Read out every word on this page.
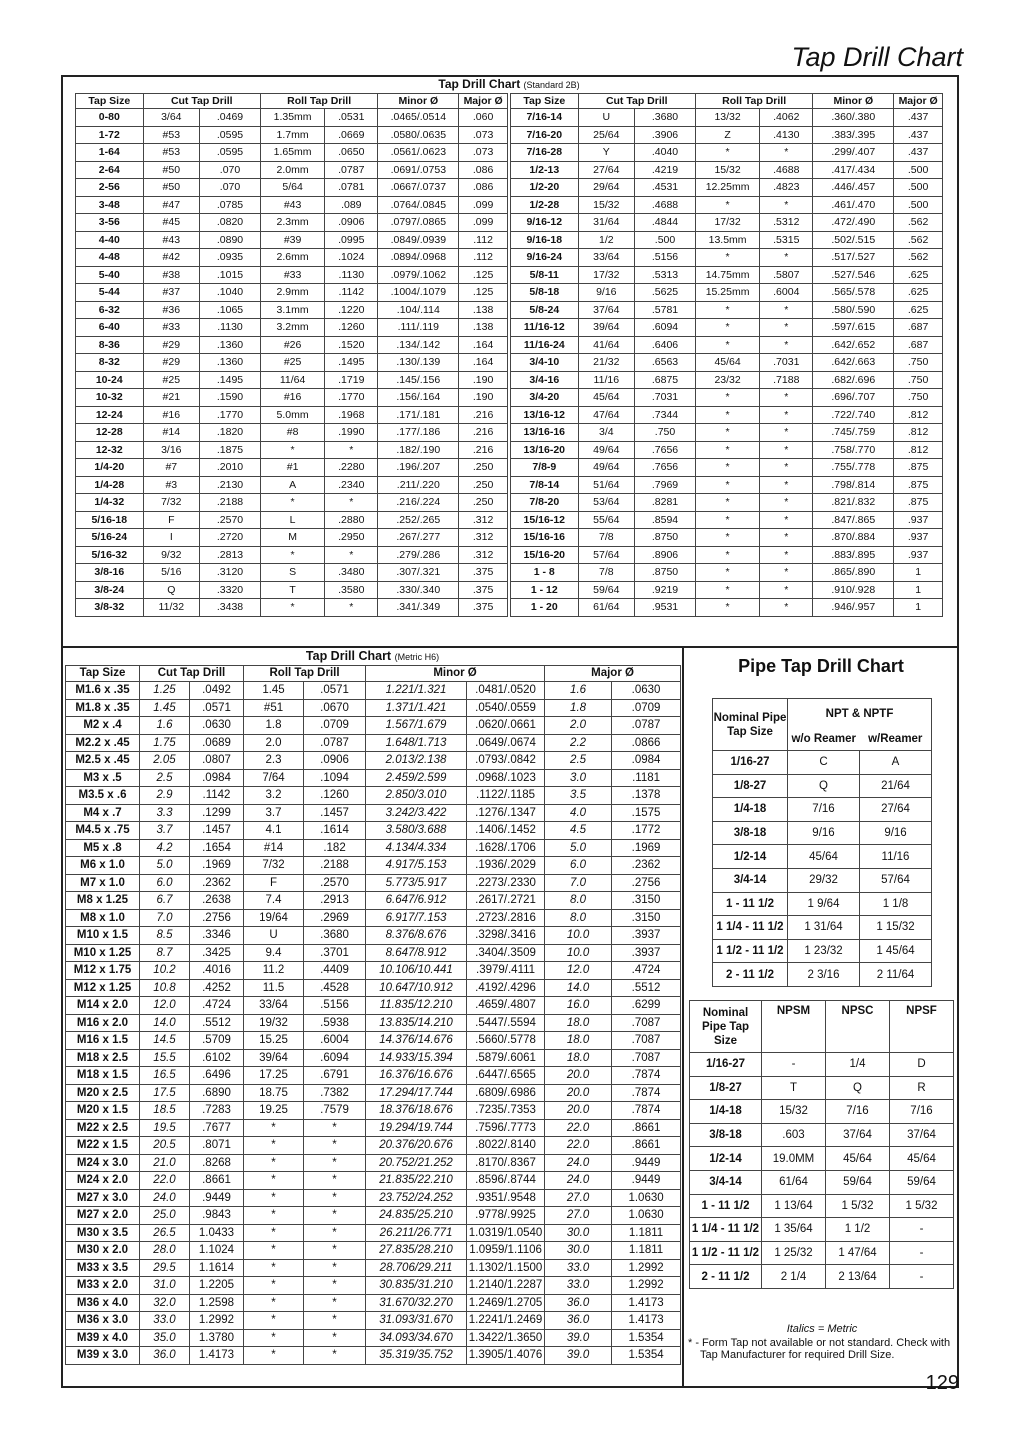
Tap Drill Chart
Tap Drill Chart (Standard 2B)
Tap Size	Cut Tap Drill		Roll Tap Drill		Minor Ø	Major Ø
0-80	3/64	.0469	1.35mm	.0531	.0465/.0514	.060
1-72	#53	.0595	1.7mm	.0669	.0580/.0635	.073
1-64	#53	.0595	1.65mm	.0650	.0561/.0623	.073
2-64	#50	.070	2.0mm	.0787	.0691/.0753	.086
2-56	#50	.070	5/64	.0781	.0667/.0737	.086
3-48	#47	.0785	#43	.089	.0764/.0845	.099
3-56	#45	.0820	2.3mm	.0906	.0797/.0865	.099
4-40	#43	.0890	#39	.0995	.0849/.0939	.112
4-48	#42	.0935	2.6mm	.1024	.0894/.0968	.112
5-40	#38	.1015	#33	.1130	.0979/.1062	.125
5-44	#37	.1040	2.9mm	.1142	.1004/.1079	.125
6-32	#36	.1065	3.1mm	.1220	.104/.114	.138
6-40	#33	.1130	3.2mm	.1260	.111/.119	.138
8-36	#29	.1360	#26	.1520	.134/.142	.164
8-32	#29	.1360	#25	.1495	.130/.139	.164
10-24	#25	.1495	11/64	.1719	.145/.156	.190
10-32	#21	.1590	#16	.1770	.156/.164	.190
12-24	#16	.1770	5.0mm	.1968	.171/.181	.216
12-28	#14	.1820	#8	.1990	.177/.186	.216
12-32	3/16	.1875	*	*	.182/.190	.216
1/4-20	#7	.2010	#1	.2280	.196/.207	.250
1/4-28	#3	.2130	A	.2340	.211/.220	.250
1/4-32	7/32	.2188	*	*	.216/.224	.250
5/16-18	F	.2570	L	.2880	.252/.265	.312
5/16-24	I	.2720	M	.2950	.267/.277	.312
5/16-32	9/32	.2813	*	*	.279/.286	.312
3/8-16	5/16	.3120	S	.3480	.307/.321	.375
3/8-24	Q	.3320	T	.3580	.330/.340	.375
3/8-32	11/32	.3438	*	*	.341/.349	.375
Tap Size	Cut Tap Drill		Roll Tap Drill		Minor Ø	Major Ø
7/16-14	U	.3680	13/32	.4062	.360/.380	.437
7/16-20	25/64	.3906	Z	.4130	.383/.395	.437
7/16-28	Y	.4040	*	*	.299/.407	.437
1/2-13	27/64	.4219	15/32	.4688	.417/.434	.500
1/2-20	29/64	.4531	12.25mm	.4823	.446/.457	.500
1/2-28	15/32	.4688	*	*	.461/.470	.500
9/16-12	31/64	.4844	17/32	.5312	.472/.490	.562
9/16-18	1/2	.500	13.5mm	.5315	.502/.515	.562
9/16-24	33/64	.5156	*	*	.517/.527	.562
5/8-11	17/32	.5313	14.75mm	.5807	.527/.546	.625
5/8-18	9/16	.5625	15.25mm	.6004	.565/.578	.625
5/8-24	37/64	.5781	*	*	.580/.590	.625
11/16-12	39/64	.6094	*	*	.597/.615	.687
11/16-24	41/64	.6406	*	*	.642/.652	.687
3/4-10	21/32	.6563	45/64	.7031	.642/.663	.750
3/4-16	11/16	.6875	23/32	.7188	.682/.696	.750
3/4-20	45/64	.7031	*	*	.696/.707	.750
13/16-12	47/64	.7344	*	*	.722/.740	.812
13/16-16	3/4	.750	*	*	.745/.759	.812
13/16-20	49/64	.7656	*	*	.758/.770	.812
7/8-9	49/64	.7656	*	*	.755/.778	.875
7/8-14	51/64	.7969	*	*	.798/.814	.875
7/8-20	53/64	.8281	*	*	.821/.832	.875
15/16-12	55/64	.8594	*	*	.847/.865	.937
15/16-16	7/8	.8750	*	*	.870/.884	.937
15/16-20	57/64	.8906	*	*	.883/.895	.937
1 - 8	7/8	.8750	*	*	.865/.890	1
1 - 12	59/64	.9219	*	*	.910/.928	1
1 - 20	61/64	.9531	*	*	.946/.957	1
Tap Drill Chart (Metric H6)
Tap Size	Cut Tap Drill		Roll Tap Drill		Minor Ø		Major Ø	
M1.6 x .35	1.25	.0492	1.45	.0571	1.221/1.321	.0481/.0520	1.6	.0630
M1.8 x .35	1.45	.0571	#51	.0670	1.371/1.421	.0540/.0559	1.8	.0709
M2 x .4	1.6	.0630	1.8	.0709	1.567/1.679	.0620/.0661	2.0	.0787
M2.2 x .45	1.75	.0689	2.0	.0787	1.648/1.713	.0649/.0674	2.2	.0866
M2.5 x .45	2.05	.0807	2.3	.0906	2.013/2.138	.0793/.0842	2.5	.0984
M3 x .5	2.5	.0984	7/64	.1094	2.459/2.599	.0968/.1023	3.0	.1181
M3.5 x .6	2.9	.1142	3.2	.1260	2.850/3.010	.1122/.1185	3.5	.1378
M4 x .7	3.3	.1299	3.7	.1457	3.242/3.422	.1276/.1347	4.0	.1575
M4.5 x .75	3.7	.1457	4.1	.1614	3.580/3.688	.1406/.1452	4.5	.1772
M5 x .8	4.2	.1654	#14	.182	4.134/4.334	.1628/.1706	5.0	.1969
M6 x 1.0	5.0	.1969	7/32	.2188	4.917/5.153	.1936/.2029	6.0	.2362
M7 x 1.0	6.0	.2362	F	.2570	5.773/5.917	.2273/.2330	7.0	.2756
M8 x 1.25	6.7	.2638	7.4	.2913	6.647/6.912	.2617/.2721	8.0	.3150
M8 x 1.0	7.0	.2756	19/64	.2969	6.917/7.153	.2723/.2816	8.0	.3150
M10 x 1.5	8.5	.3346	U	.3680	8.376/8.676	.3298/.3416	10.0	.3937
M10 x 1.25	8.7	.3425	9.4	.3701	8.647/8.912	.3404/.3509	10.0	.3937
M12 x 1.75	10.2	.4016	11.2	.4409	10.106/10.441	.3979/.4111	12.0	.4724
M12 x 1.25	10.8	.4252	11.5	.4528	10.647/10.912	.4192/.4296	14.0	.5512
M14 x 2.0	12.0	.4724	33/64	.5156	11.835/12.210	.4659/.4807	16.0	.6299
M16 x 2.0	14.0	.5512	19/32	.5938	13.835/14.210	.5447/.5594	18.0	.7087
M16 x 1.5	14.5	.5709	15.25	.6004	14.376/14.676	.5660/.5778	18.0	.7087
M18 x 2.5	15.5	.6102	39/64	.6094	14.933/15.394	.5879/.6061	18.0	.7087
M18 x 1.5	16.5	.6496	17.25	.6791	16.376/16.676	.6447/.6565	20.0	.7874
M20 x 2.5	17.5	.6890	18.75	.7382	17.294/17.744	.6809/.6986	20.0	.7874
M20 x 1.5	18.5	.7283	19.25	.7579	18.376/18.676	.7235/.7353	20.0	.7874
M22 x 2.5	19.5	.7677	*	*	19.294/19.744	.7596/.7773	22.0	.8661
M22 x 1.5	20.5	.8071	*	*	20.376/20.676	.8022/.8140	22.0	.8661
M24 x 3.0	21.0	.8268	*	*	20.752/21.252	.8170/.8367	24.0	.9449
M24 x 2.0	22.0	.8661	*	*	21.835/22.210	.8596/.8744	24.0	.9449
M27 x 3.0	24.0	.9449	*	*	23.752/24.252	.9351/.9548	27.0	1.0630
M27 x 2.0	25.0	.9843	*	*	24.835/25.210	.9778/.9925	27.0	1.0630
M30 x 3.5	26.5	1.0433	*	*	26.211/26.771	1.0319/1.0540	30.0	1.1811
M30 x 2.0	28.0	1.1024	*	*	27.835/28.210	1.0959/1.1106	30.0	1.1811
M33 x 3.5	29.5	1.1614	*	*	28.706/29.211	1.1302/1.1500	33.0	1.2992
M33 x 2.0	31.0	1.2205	*	*	30.835/31.210	1.2140/1.2287	33.0	1.2992
M36 x 4.0	32.0	1.2598	*	*	31.670/32.270	1.2469/1.2705	36.0	1.4173
M36 x 3.0	33.0	1.2992	*	*	31.093/31.670	1.2241/1.2469	36.0	1.4173
M39 x 4.0	35.0	1.3780	*	*	34.093/34.670	1.3422/1.3650	39.0	1.5354
M39 x 3.0	36.0	1.4173	*	*	35.319/35.752	1.3905/1.4076	39.0	1.5354
Pipe Tap Drill Chart
Nominal Pipe Tap Size	NPT & NPTF	
	w/o Reamer	w/Reamer
1/16-27	C	A
1/8-27	Q	21/64
1/4-18	7/16	27/64
3/8-18	9/16	9/16
1/2-14	45/64	11/16
3/4-14	29/32	57/64
1 - 11 1/2	1 9/64	1 1/8
1 1/4 - 11 1/2	1 31/64	1 15/32
1 1/2 - 11 1/2	1 23/32	1 45/64
2 - 11 1/2	2 3/16	2 11/64
Nominal Pipe Tap Size	NPSM	NPSC	NPSF
1/16-27	-	1/4	D
1/8-27	T	Q	R
1/4-18	15/32	7/16	7/16
3/8-18	.603	37/64	37/64
1/2-14	19.0MM	45/64	45/64
3/4-14	61/64	59/64	59/64
1 - 11 1/2	1 13/64	1 5/32	1 5/32
1 1/4 - 11 1/2	1 35/64	1 1/2	-
1 1/2 - 11 1/2	1 25/32	1 47/64	-
2 - 11 1/2	2 1/4	2 13/64	-
Italics = Metric
* - Form Tap not available or not standard. Check with Tap Manufacturer for required Drill Size.
129
